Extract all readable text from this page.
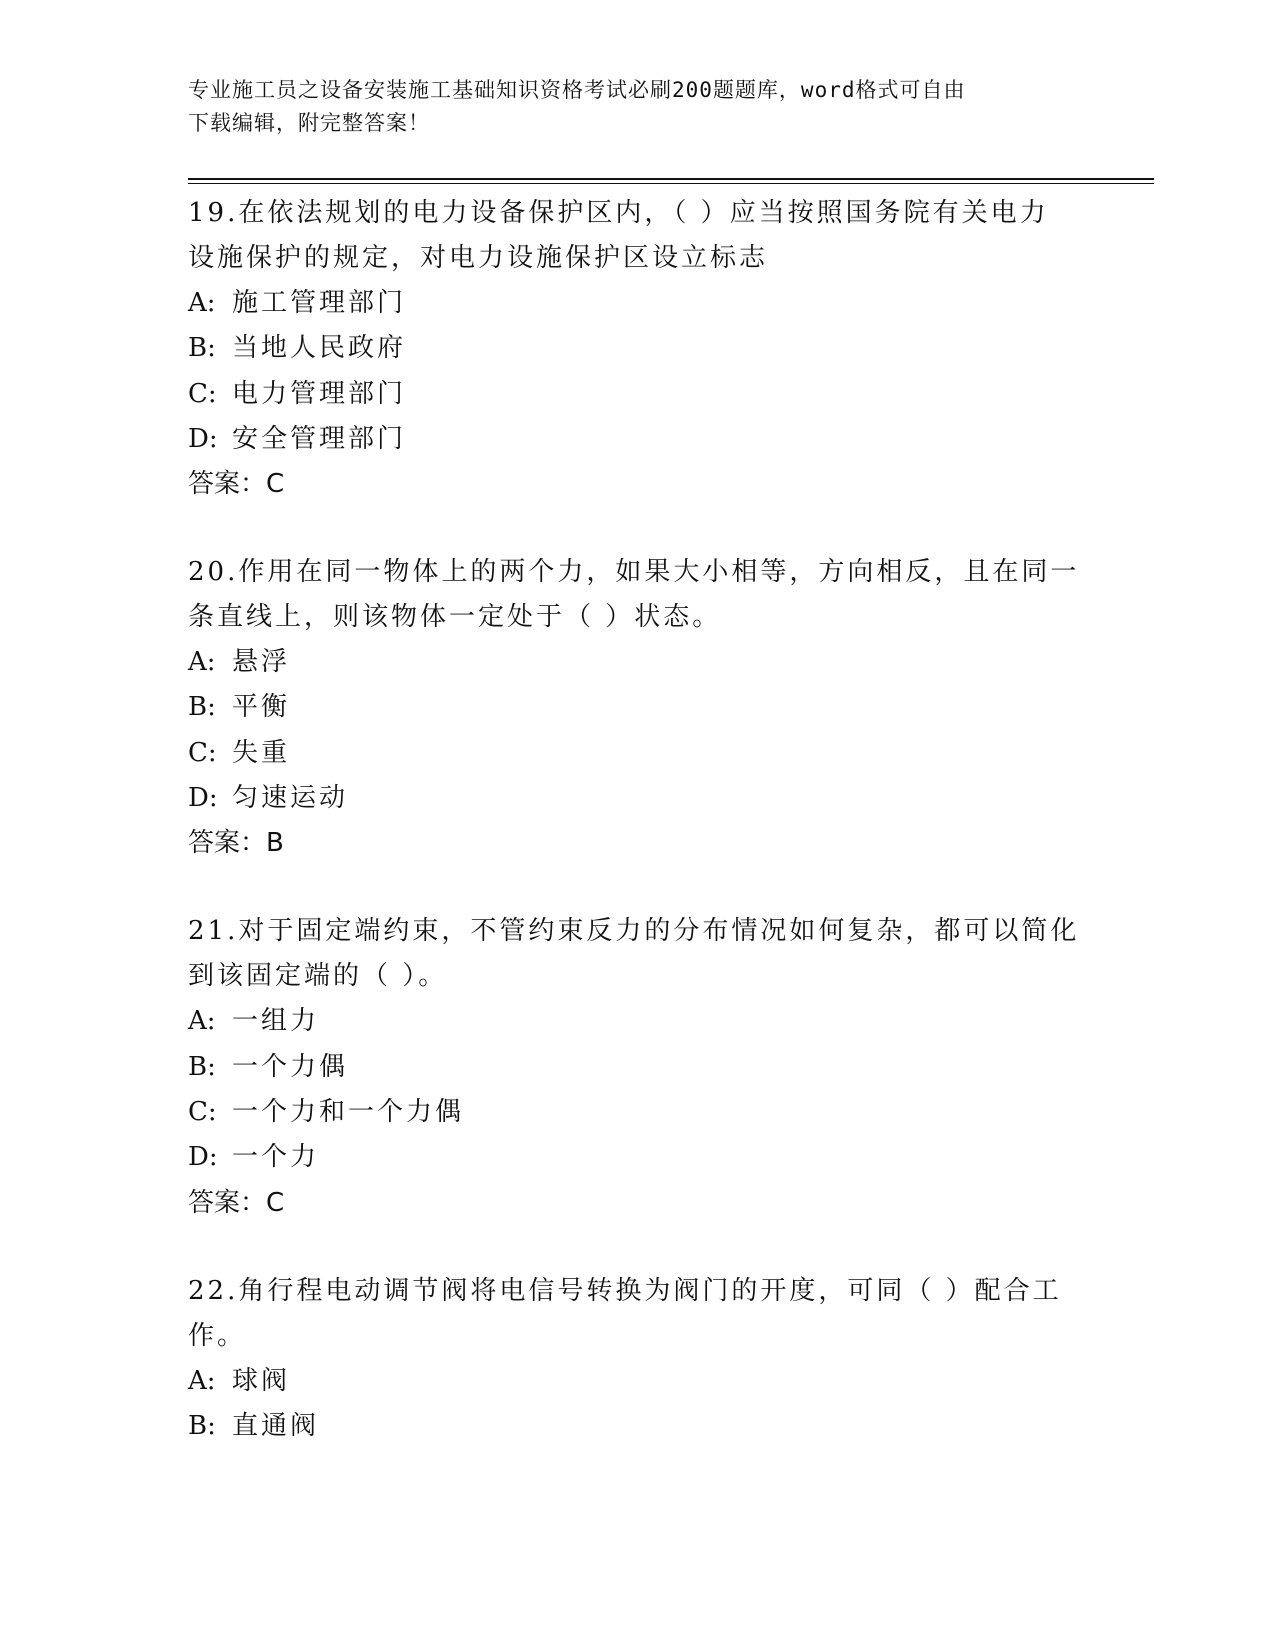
专业施工员之设备安装施工基础知识资格考试必刷200题题库，word格式可自由
下载编辑，附完整答案！

19.在依法规划的电力设备保护区内，（ ）应当按照国务院有关电力
设施保护的规定，对电力设施保护区设立标志

A: 施工管理部门

B: 当地人民政府

C: 电力管理部门

D: 安全管理部门

答案：C

20.作用在同一物体上的两个力，如果大小相等，方向相反，且在同一
条直线上，则该物体一定处于（ ）状态。

A: 悬浮

B: 平衡

C: 失重

D: 匀速运动

答案：B

21.对于固定端约束，不管约束反力的分布情况如何复杂，都可以简化
到该固定端的（ ）。

A: 一组力

B: 一个力偶

C: 一个力和一个力偶

D: 一个力

答案：C

22.角行程电动调节阀将电信号转换为阀门的开度，可同（ ）配合工
作。

A: 球阀

B: 直通阀
